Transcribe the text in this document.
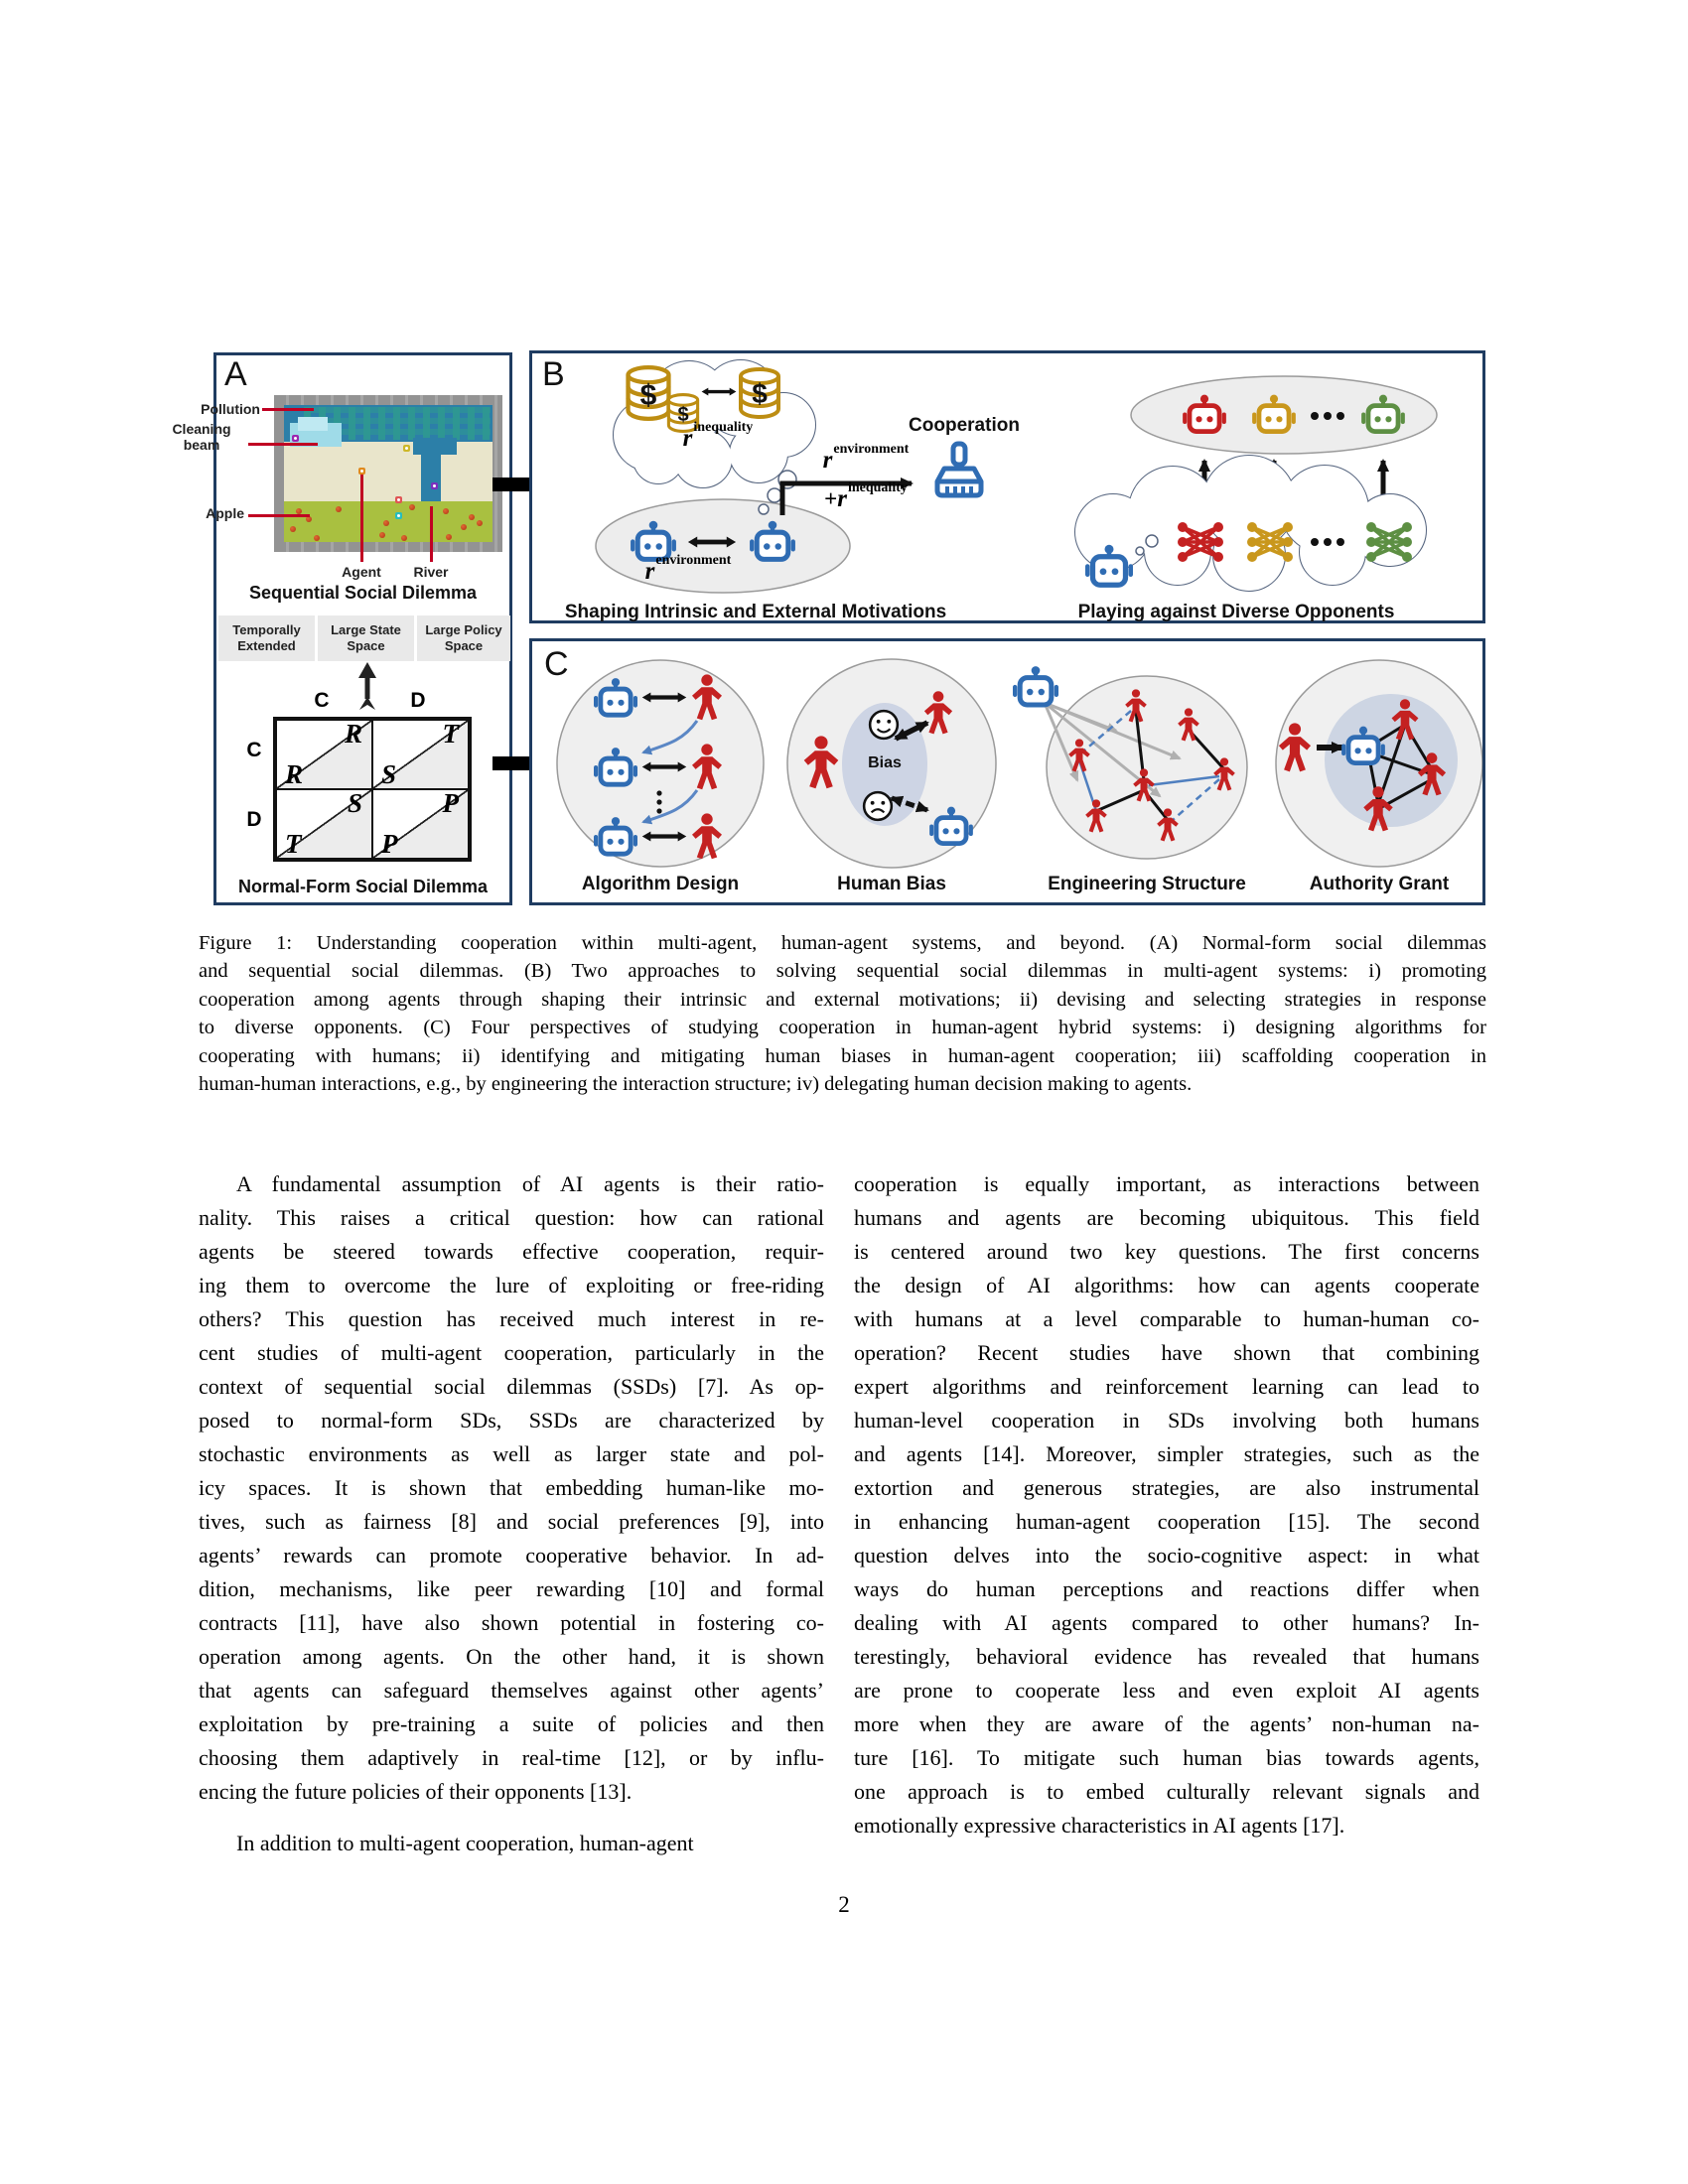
A
Pollution
Cleaning
beam
Apple
Agent	River
Sequential Social Dilemma
Temporally
Extended
Large State
Space
Large Policy
Space
C	D
C
D
R
R
T
S
S
T
P
P
Normal-Form Social Dilemma
$
$
$
B
$r^{inequality}$
$r^{environment}$
$r^{environment}$
$+r^{inequality}$
Cooperation
Shaping Intrinsic and External Motivations	Playing against Diverse Opponents
C
Bias
Algorithm Design	Human Bias	Engineering Structure	Authority Grant
Figure 1: Understanding cooperation within multi-agent, human-agent systems, and beyond. (A) Normal-form social dilemmas
and sequential social dilemmas. (B) Two approaches to solving sequential social dilemmas in multi-agent systems: i) promoting
cooperation among agents through shaping their intrinsic and external motivations; ii) devising and selecting strategies in response
to diverse opponents. (C) Four perspectives of studying cooperation in human-agent hybrid systems: i) designing algorithms for
cooperating with humans; ii) identifying and mitigating human biases in human-agent cooperation; iii) scaffolding cooperation in
human-human interactions, e.g., by engineering the interaction structure; iv) delegating human decision making to agents.
A fundamental assumption of AI agents is their ratio-
nality. This raises a critical question: how can rational
agents be steered towards effective cooperation, requir-
ing them to overcome the lure of exploiting or free-riding
others? This question has received much interest in re-
cent studies of multi-agent cooperation, particularly in the
context of sequential social dilemmas (SSDs) [7]. As op-
posed to normal-form SDs, SSDs are characterized by
stochastic environments as well as larger state and pol-
icy spaces. It is shown that embedding human-like mo-
tives, such as fairness [8] and social preferences [9], into
agents’ rewards can promote cooperative behavior. In ad-
dition, mechanisms, like peer rewarding [10] and formal
contracts [11], have also shown potential in fostering co-
operation among agents. On the other hand, it is shown
that agents can safeguard themselves against other agents’
exploitation by pre-training a suite of policies and then
choosing them adaptively in real-time [12], or by influ-
encing the future policies of their opponents [13].
In addition to multi-agent cooperation, human-agent
cooperation is equally important, as interactions between
humans and agents are becoming ubiquitous. This field
is centered around two key questions. The first concerns
the design of AI algorithms: how can agents cooperate
with humans at a level comparable to human-human co-
operation? Recent studies have shown that combining
expert algorithms and reinforcement learning can lead to
human-level cooperation in SDs involving both humans
and agents [14]. Moreover, simpler strategies, such as the
extortion and generous strategies, are also instrumental
in enhancing human-agent cooperation [15]. The second
question delves into the socio-cognitive aspect: in what
ways do human perceptions and reactions differ when
dealing with AI agents compared to other humans? In-
terestingly, behavioral evidence has revealed that humans
are prone to cooperate less and even exploit AI agents
more when they are aware of the agents’ non-human na-
ture [16]. To mitigate such human bias towards agents,
one approach is to embed culturally relevant signals and
emotionally expressive characteristics in AI agents [17].
2
